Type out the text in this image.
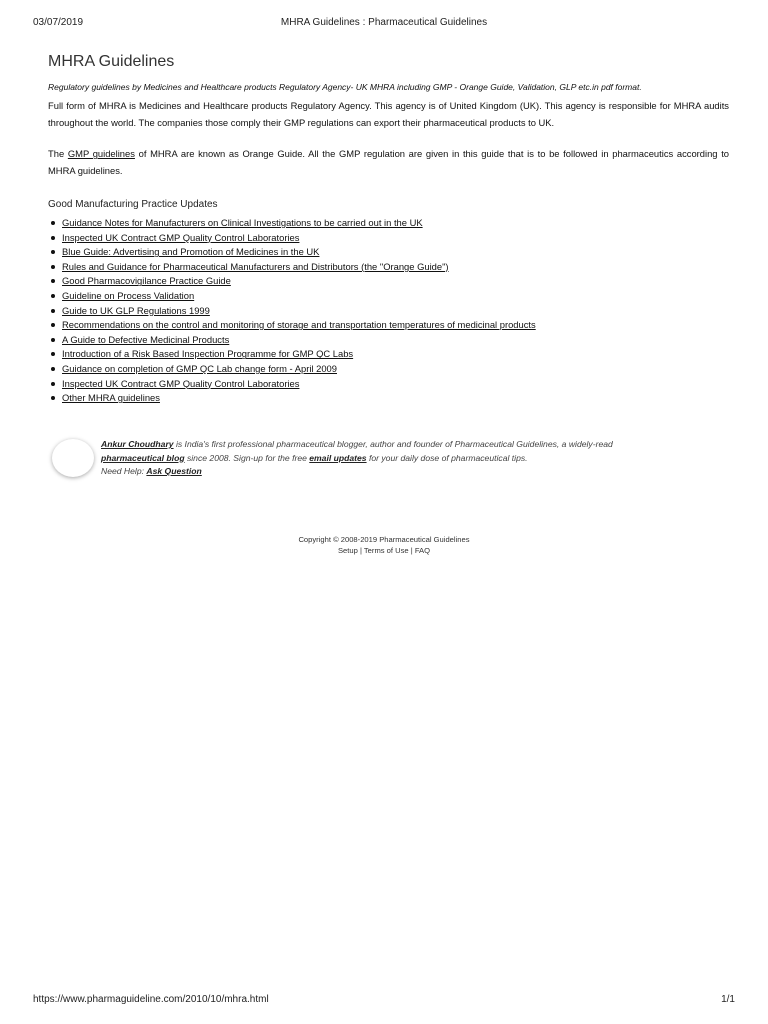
03/07/2019	MHRA Guidelines : Pharmaceutical Guidelines
MHRA Guidelines

Regulatory guidelines by Medicines and Healthcare products Regulatory Agency- UK MHRA including GMP - Orange Guide, Validation, GLP etc.in pdf format.

Full form of MHRA is Medicines and Healthcare products Regulatory Agency. This agency is of United Kingdom (UK). This agency is responsible for MHRA audits throughout the world. The companies those comply their GMP regulations can export their pharmaceutical products to UK.

The GMP guidelines of MHRA are known as Orange Guide. All the GMP regulation are given in this guide that is to be followed in pharmaceutics according to MHRA guidelines.

Good Manufacturing Practice Updates
Guidance Notes for Manufacturers on Clinical Investigations to be carried out in the UK
Inspected UK Contract GMP Quality Control Laboratories
Blue Guide: Advertising and Promotion of Medicines in the UK
Rules and Guidance for Pharmaceutical Manufacturers and Distributors (the "Orange Guide")
Good Pharmacovigilance Practice Guide
Guideline on Process Validation
Guide to UK GLP Regulations 1999
Recommendations on the control and monitoring of storage and transportation temperatures of medicinal products
A Guide to Defective Medicinal Products
Introduction of a Risk Based Inspection Programme for GMP QC Labs
Guidance on completion of GMP QC Lab change form - April 2009
Inspected UK Contract GMP Quality Control Laboratories
Other MHRA guidelines
Ankur Choudhary is India's first professional pharmaceutical blogger, author and founder of Pharmaceutical Guidelines, a widely-read
pharmaceutical blog since 2008. Sign-up for the free email updates for your daily dose of pharmaceutical tips.
Need Help: Ask Question
Copyright © 2008-2019 Pharmaceutical Guidelines
Setup | Terms of Use | FAQ
https://www.pharmaguideline.com/2010/10/mhra.html	1/1
